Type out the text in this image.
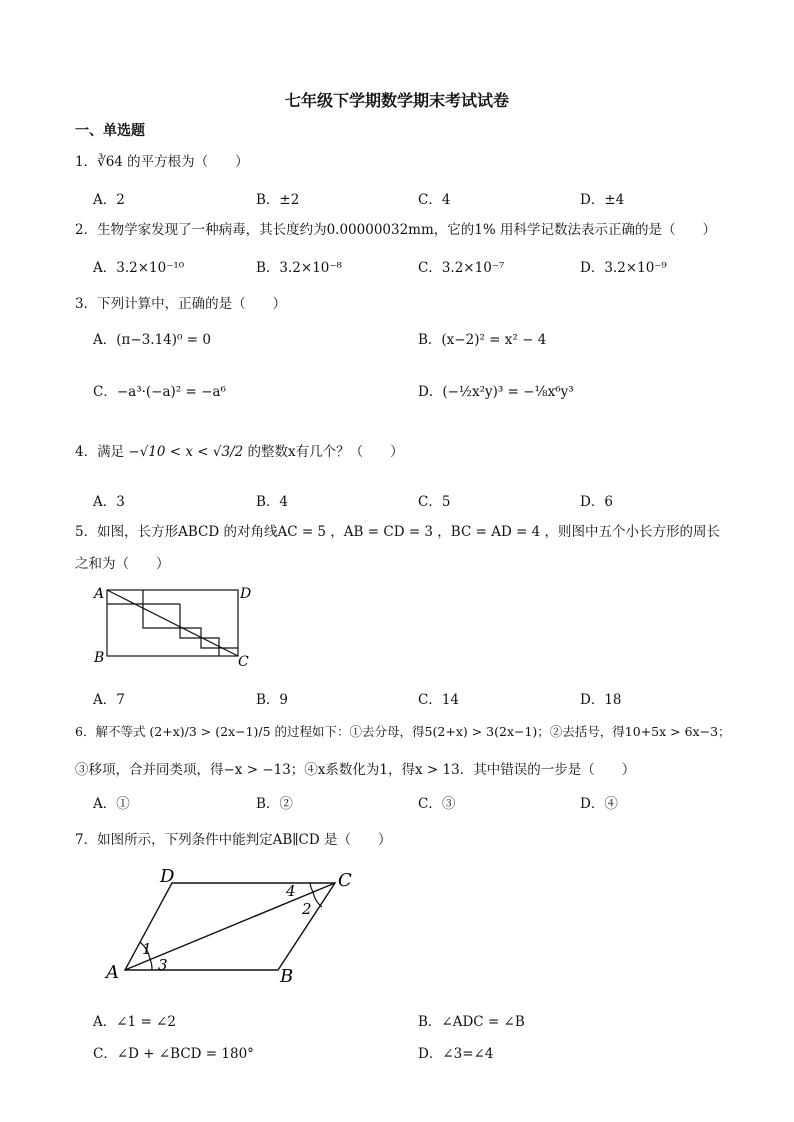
七年级下学期数学期末考试试卷
一、单选题
1．∛64 的平方根为（　　）
A．2	B．±2	C．4	D．±4
2．生物学家发现了一种病毒，其长度约为0.00000032mm，它的1% 用科学记数法表示正确的是（　　）
A．3.2×10⁻¹⁰	B．3.2×10⁻⁸	C．3.2×10⁻⁷	D．3.2×10⁻⁹
3．下列计算中，正确的是（　　）
A．(π−3.14)⁰ = 0	B．(x−2)² = x² − 4
C．−a³·(−a)² = −a⁶	D．(−½x²y)³ = −⅛x⁶y³
4．满足 −√10 < x < √3/2 的整数x有几个？（　　）
A．3	B．4	C．5	D．6
5．如图，长方形ABCD 的对角线AC = 5 ，AB = CD = 3 ，BC = AD = 4 ，则图中五个小长方形的周长
之和为（　　）
A	D
B	C
A．7	B．9	C．14	D．18
6．解不等式 (2+x)/3 > (2x−1)/5 的过程如下：①去分母，得5(2+x) > 3(2x−1)；②去括号，得10+5x > 6x−3；
③移项，合并同类项，得−x > −13；④x系数化为1，得x > 13．其中错误的一步是（　　）
A．①	B．②	C．③	D．④
7．如图所示，下列条件中能判定AB∥CD 是（　　）
D	C
A	B
1
3
2
4
A．∠1 = ∠2	B．∠ADC = ∠B
C．∠D + ∠BCD = 180°	D．∠3=∠4
